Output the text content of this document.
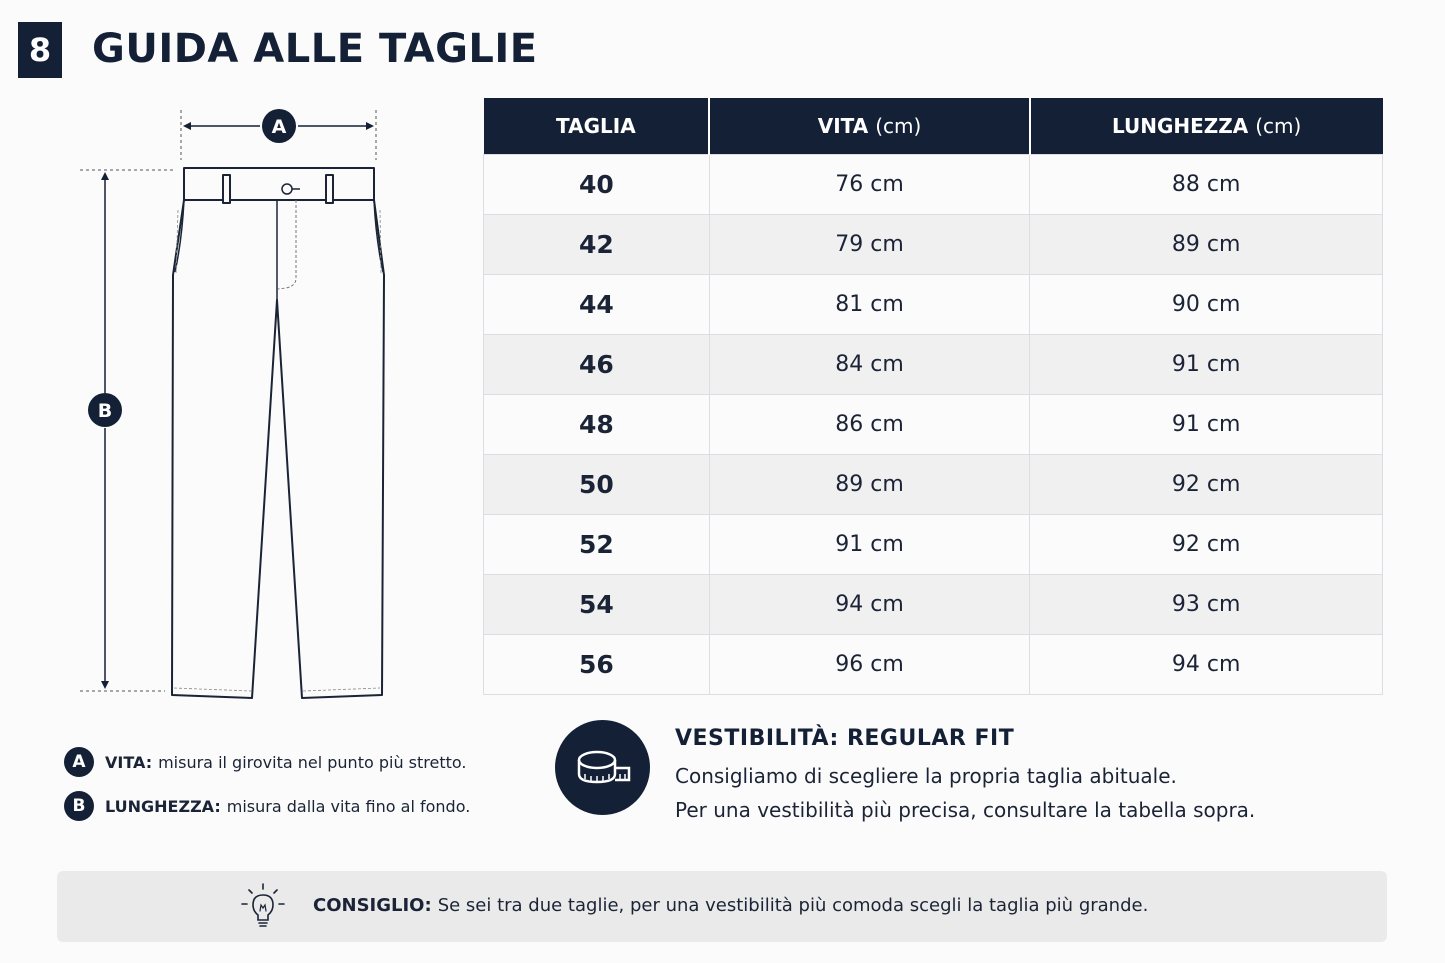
8 GUIDA ALLE TAGLIE
A
B
TAGLIA	VITA (cm)	LUNGHEZZA (cm)
40	76 cm	88 cm
42	79 cm	89 cm
44	81 cm	90 cm
46	84 cm	91 cm
48	86 cm	91 cm
50	89 cm	92 cm
52	91 cm	92 cm
54	94 cm	93 cm
56	96 cm	94 cm
A	VITA: misura il girovita nel punto più stretto.
B	LUNGHEZZA: misura dalla vita fino al fondo.
VESTIBILITÀ: REGULAR FIT
Consigliamo di scegliere la propria taglia abituale.
Per una vestibilità più precisa, consultare la tabella sopra.
CONSIGLIO: Se sei tra due taglie, per una vestibilità più comoda scegli la taglia più grande.
